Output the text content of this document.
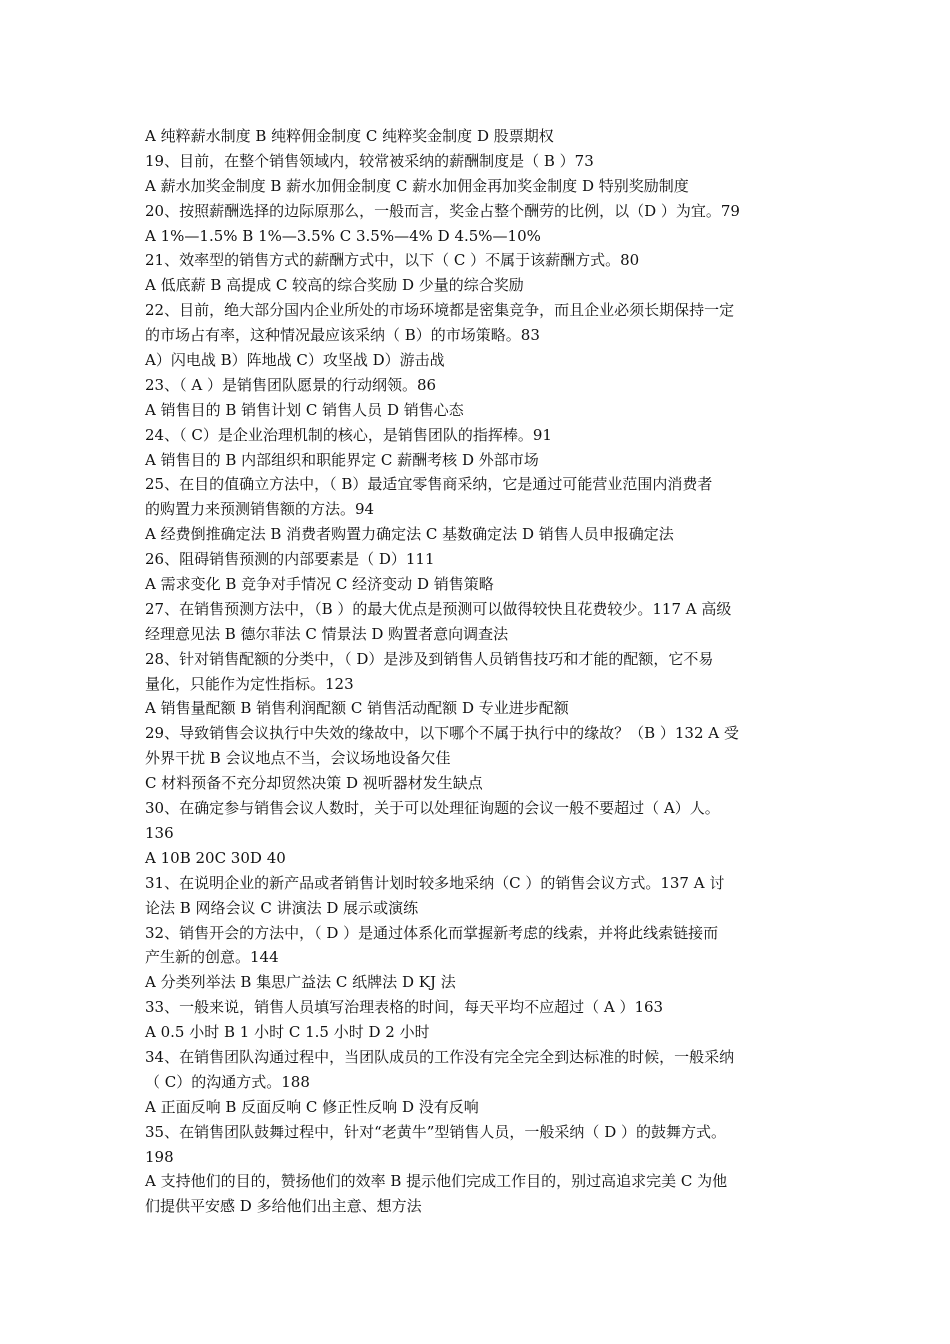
A 纯粹薪水制度 B 纯粹佣金制度 C 纯粹奖金制度 D 股票期权
19、目前，在整个销售领域内，较常被采纳的薪酬制度是（ B ）73
A 薪水加奖金制度 B 薪水加佣金制度 C 薪水加佣金再加奖金制度 D 特别奖励制度
20、按照薪酬选择的边际原那么，一般而言，奖金占整个酬劳的比例，以（D ）为宜。79
A 1%—1.5% B 1%—3.5% C 3.5%—4% D 4.5%—10%
21、效率型的销售方式的薪酬方式中，以下（ C ）不属于该薪酬方式。80
A 低底薪 B 高提成 C 较高的综合奖励 D 少量的综合奖励
22、目前，绝大部分国内企业所处的市场环境都是密集竞争，而且企业必须长期保持一定
的市场占有率，这种情况最应该采纳（ B）的市场策略。83
A）闪电战 B）阵地战 C）攻坚战 D）游击战
23、（ A ）是销售团队愿景的行动纲领。86
A 销售目的 B 销售计划 C 销售人员 D 销售心态
24、（ C）是企业治理机制的核心，是销售团队的指挥棒。91
A 销售目的 B 内部组织和职能界定 C 薪酬考核 D 外部市场
25、在目的值确立方法中，（ B）最适宜零售商采纳，它是通过可能营业范围内消费者
的购置力来预测销售额的方法。94
A 经费倒推确定法 B 消费者购置力确定法 C 基数确定法 D 销售人员申报确定法
26、阻碍销售预测的内部要素是（ D）111
A 需求变化 B 竞争对手情况 C 经济变动 D 销售策略
27、在销售预测方法中，（B ）的最大优点是预测可以做得较快且花费较少。117 A 高级
经理意见法 B 德尔菲法 C 情景法 D 购置者意向调查法
28、针对销售配额的分类中，（ D）是涉及到销售人员销售技巧和才能的配额，它不易
量化，只能作为定性指标。123
A 销售量配额 B 销售利润配额 C 销售活动配额 D 专业进步配额
29、导致销售会议执行中失效的缘故中，以下哪个不属于执行中的缘故？（B ）132 A 受
外界干扰 B 会议地点不当，会议场地设备欠佳
C 材料预备不充分却贸然决策 D 视听器材发生缺点
30、在确定参与销售会议人数时，关于可以处理征询题的会议一般不要超过（ A）人。
136
A 10B 20C 30D 40
31、在说明企业的新产品或者销售计划时较多地采纳（C ）的销售会议方式。137 A 讨
论法 B 网络会议 C 讲演法 D 展示或演练
32、销售开会的方法中，（ D ）是通过体系化而掌握新考虑的线索，并将此线索链接而
产生新的创意。144
A 分类列举法 B 集思广益法 C 纸牌法 D KJ 法
33、一般来说，销售人员填写治理表格的时间，每天平均不应超过（ A ）163
A 0.5 小时 B 1 小时 C 1.5 小时 D 2 小时
34、在销售团队沟通过程中，当团队成员的工作没有完全完全到达标准的时候，一般采纳
（ C）的沟通方式。188
A 正面反响 B 反面反响 C 修正性反响 D 没有反响
35、在销售团队鼓舞过程中，针对“老黄牛”型销售人员，一般采纳（ D ）的鼓舞方式。
198
A 支持他们的目的，赞扬他们的效率 B 提示他们完成工作目的，别过高追求完美 C 为他
们提供平安感 D 多给他们出主意、想方法
